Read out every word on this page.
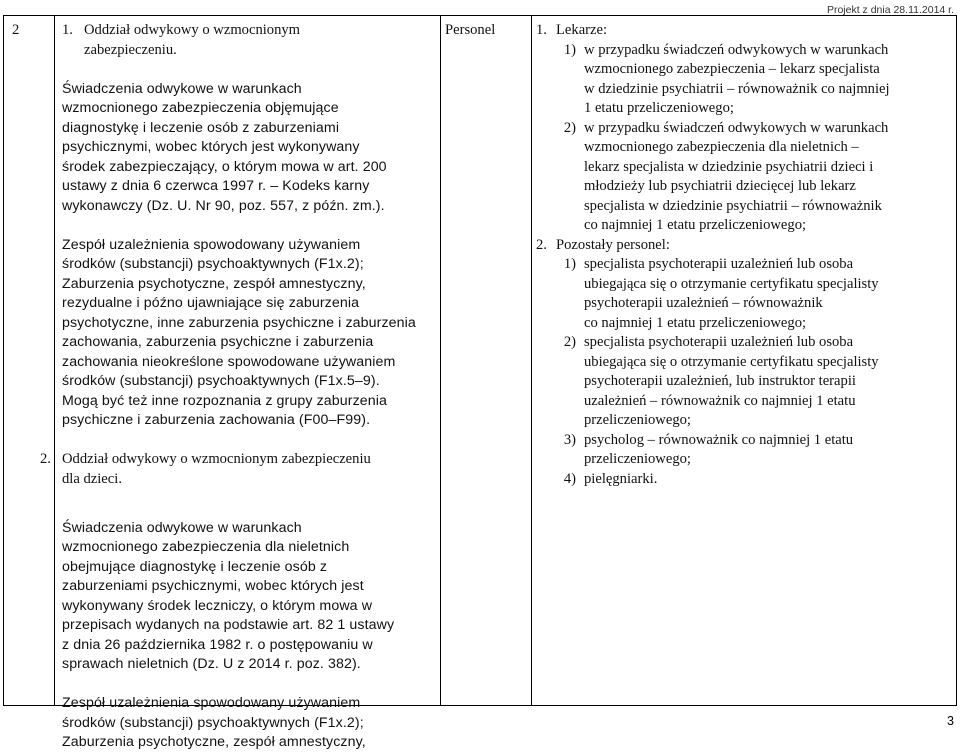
Projekt z dnia 28.11.2014 r.
2	1. Oddział odwykowy o wzmocnionym
zabezpieczeniu.
Świadczenia odwykowe w warunkach
wzmocnionego zabezpieczenia objęmujące
diagnostykę i leczenie osób z zaburzeniami
psychicznymi, wobec których jest wykonywany
środek zabezpieczający, o którym mowa w art. 200
ustawy z dnia 6 czerwca 1997 r. ‒ Kodeks karny
wykonawczy (Dz. U. Nr 90, poz. 557, z późn. zm.).
Zespół uzależnienia spowodowany używaniem
środków (substancji) psychoaktywnych (F1x.2);
Zaburzenia psychotyczne, zespół amnestyczny,
rezydualne i późno ujawniające się zaburzenia
psychotyczne, inne zaburzenia psychiczne i zaburzenia
zachowania, zaburzenia psychiczne i zaburzenia
zachowania nieokreślone spowodowane używaniem
środków (substancji) psychoaktywnych (F1x.5‒9).
Mogą być też inne rozpoznania z grupy zaburzenia
psychiczne i zaburzenia zachowania (F00‒F99).
2. Oddział odwykowy o wzmocnionym zabezpieczeniu
dla dzieci.
Świadczenia odwykowe w warunkach
wzmocnionego zabezpieczenia dla nieletnich
obejmujące diagnostykę i leczenie osób z
zaburzeniami psychicznymi, wobec których jest
wykonywany środek leczniczy, o którym mowa w
przepisach wydanych na podstawie art. 82 1 ustawy
z dnia 26 października 1982 r. o postępowaniu w
sprawach nieletnich (Dz. U z 2014 r. poz. 382).
Zespół uzależnienia spowodowany używaniem
środków (substancji) psychoaktywnych (F1x.2);
Zaburzenia psychotyczne, zespół amnestyczny,
Personel	1. Lekarze:
1) w przypadku świadczeń odwykowych w warunkach
wzmocnionego zabezpieczenia ‒ lekarz specjalista
w dziedzinie psychiatrii ‒ równoważnik co najmniej
1 etatu przeliczeniowego;
2) w przypadku świadczeń odwykowych w warunkach
wzmocnionego zabezpieczenia dla nieletnich ‒
lekarz specjalista w dziedzinie psychiatrii dzieci i
młodzieży lub psychiatrii dziecięcej lub lekarz
specjalista w dziedzinie psychiatrii ‒ równoważnik
co najmniej 1 etatu przeliczeniowego;
2. Pozostały personel:
1) specjalista psychoterapii uzależnień lub osoba
ubiegająca się o otrzymanie certyfikatu specjalisty
psychoterapii uzależnień ‒ równoważnik
co najmniej 1 etatu przeliczeniowego;
2) specjalista psychoterapii uzależnień lub osoba
ubiegająca się o otrzymanie certyfikatu specjalisty
psychoterapii uzależnień, lub instruktor terapii
uzależnień ‒ równoważnik co najmniej 1 etatu
przeliczeniowego;
3) psycholog ‒ równoważnik co najmniej 1 etatu
przeliczeniowego;
4) pielęgniarki.
3
